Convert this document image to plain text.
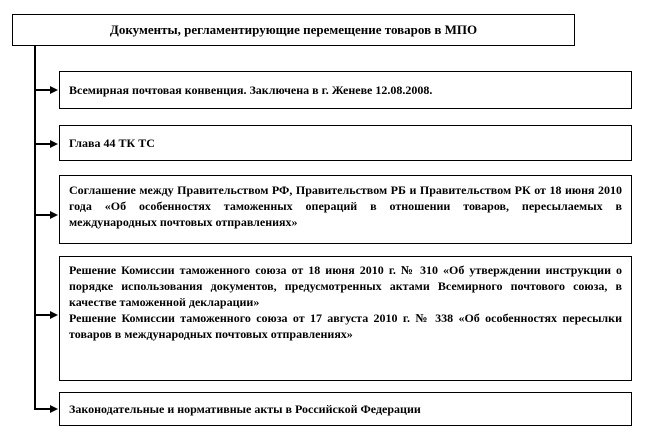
Документы, регламентирующие перемещение товаров в МПО
Всемирная почтовая конвенция. Заключена в г. Женеве 12.08.2008.
Глава 44 ТК ТС

Соглашение между Правительством РФ, Правительством РБ и Правительством РК от 18 июня 2010 года «Об особенностях таможенных операций в отношении товаров, пересылаемых в международных почтовых отправлениях»

Решение Комиссии таможенного союза от 18 июня 2010 г. № 310 «Об утверждении инструкции о порядке использования документов, предусмотренных актами Всемирного почтового союза, в качестве таможенной декларации»

Решение Комиссии таможенного союза от 17 августа 2010 г. № 338 «Об особенностях пересылки товаров в международных почтовых отправлениях»

Законодательные и нормативные акты в Российской Федерации
